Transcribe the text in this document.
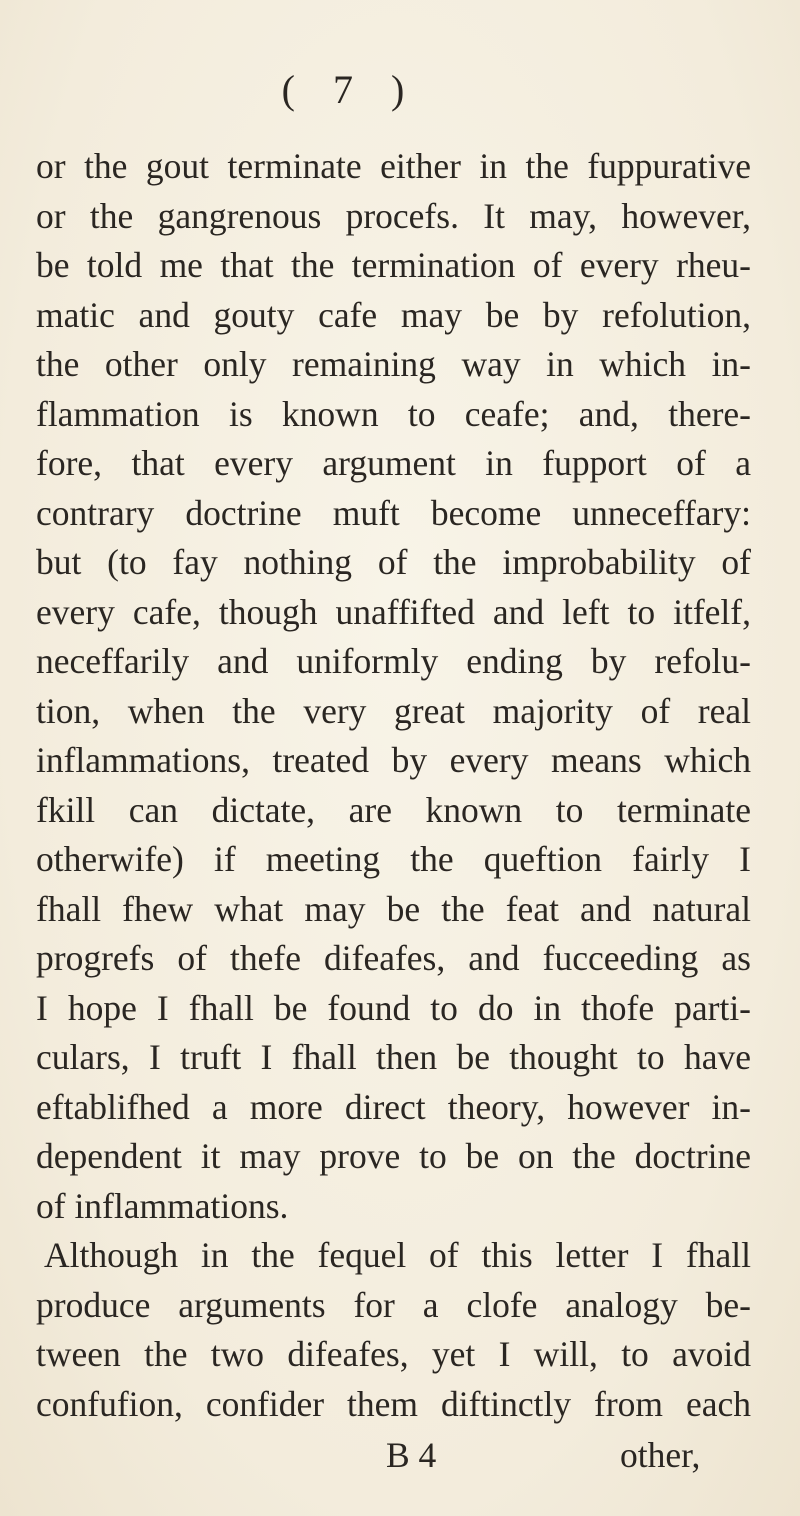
( 7 )
or the gout terminate either in the fuppurative
or the gangrenous procefs. It may, however,
be told me that the termination of every rheu-
matic and gouty cafe may be by refolution,
the other only remaining way in which in-
flammation is known to ceafe; and, there-
fore, that every argument in fupport of a
contrary doctrine muft become unneceffary:
but (to fay nothing of the improbability of
every cafe, though unaffifted and left to itfelf,
neceffarily and uniformly ending by refolu-
tion, when the very great majority of real
inflammations, treated by every means which
fkill can dictate, are known to terminate
otherwife) if meeting the queftion fairly I
fhall fhew what may be the feat and natural
progrefs of thefe difeafes, and fucceeding as
I hope I fhall be found to do in thofe parti-
culars, I truft I fhall then be thought to have
eftablifhed a more direct theory, however in-
dependent it may prove to be on the doctrine
of inflammations.
Although in the fequel of this letter I fhall
produce arguments for a clofe analogy be-
tween the two difeafes, yet I will, to avoid
confufion, confider them diftinctly from each
B 4	other,
